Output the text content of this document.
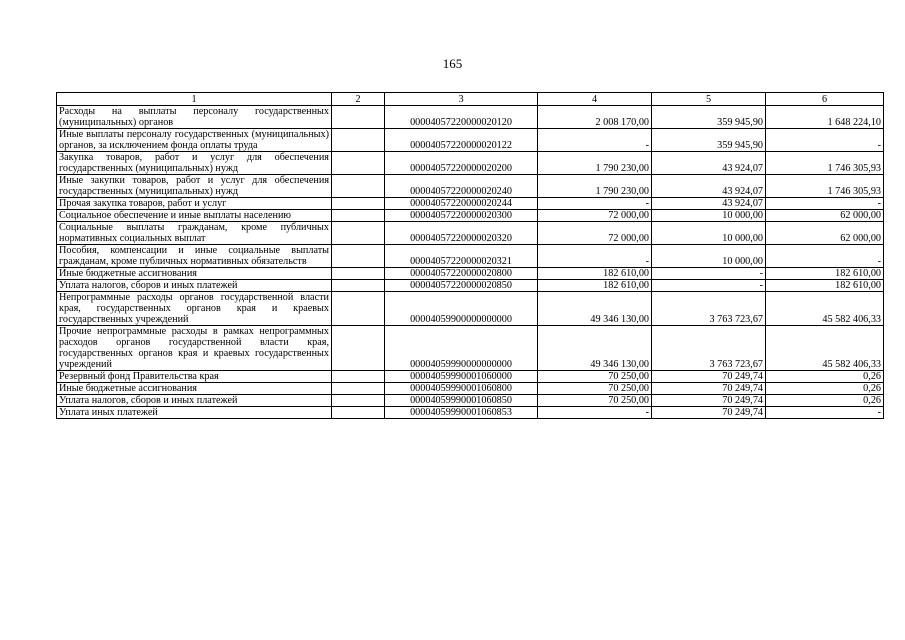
165
1	2	3	4	5	6
Расходы на выплаты персоналу государственных (муниципальных) органов		00004057220000020120	2 008 170,00	359 945,90	1 648 224,10
Иные выплаты персоналу государственных (муниципальных) органов, за исключением фонда оплаты труда		00004057220000020122	-	359 945,90	-
Закупка товаров, работ и услуг для обеспечения государственных (муниципальных) нужд		00004057220000020200	1 790 230,00	43 924,07	1 746 305,93
Иные закупки товаров, работ и услуг для обеспечения государственных (муниципальных) нужд		00004057220000020240	1 790 230,00	43 924,07	1 746 305,93
Прочая закупка товаров, работ и услуг		00004057220000020244	-	43 924,07	-
Социальное обеспечение и иные выплаты населению		00004057220000020300	72 000,00	10 000,00	62 000,00
Социальные выплаты гражданам, кроме публичных нормативных социальных выплат		00004057220000020320	72 000,00	10 000,00	62 000,00
Пособия, компенсации и иные социальные выплаты гражданам, кроме публичных нормативных обязательств		00004057220000020321	-	10 000,00	-
Иные бюджетные ассигнования		00004057220000020800	182 610,00	-	182 610,00
Уплата налогов, сборов и иных платежей		00004057220000020850	182 610,00	-	182 610,00
Непрограммные расходы органов государственной власти края, государственных органов края и краевых государственных учреждений		00004059900000000000	49 346 130,00	3 763 723,67	45 582 406,33
Прочие непрограммные расходы в рамках непрограммных расходов органов государственной власти края, государственных органов края и краевых государственных учреждений		00004059990000000000	49 346 130,00	3 763 723,67	45 582 406,33
Резервный фонд Правительства края		00004059990001060000	70 250,00	70 249,74	0,26
Иные бюджетные ассигнования		00004059990001060800	70 250,00	70 249,74	0,26
Уплата налогов, сборов и иных платежей		00004059990001060850	70 250,00	70 249,74	0,26
Уплата иных платежей		00004059990001060853	-	70 249,74	-
